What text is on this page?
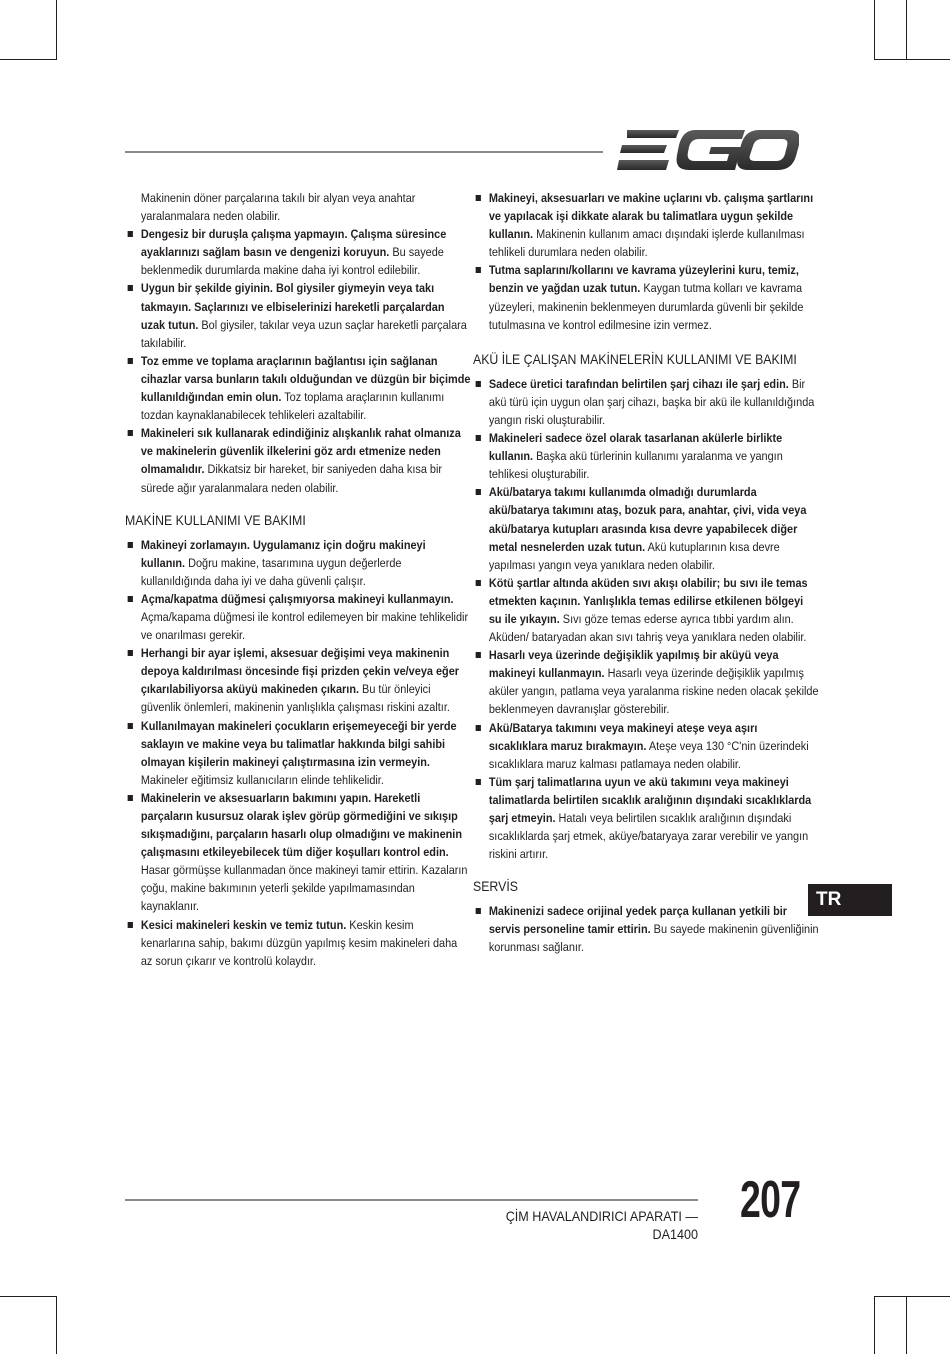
Makinenin döner parçalarına takılı bir alyan veya anahtar yaralanmalara neden olabilir.

Dengesiz bir duruşla çalışma yapmayın. Çalışma süresince ayaklarınızı sağlam basın ve dengenizi koruyun. Bu sayede beklenmedik durumlarda makine daha iyi kontrol edilebilir.

Uygun bir şekilde giyinin. Bol giysiler giymeyin veya takı takmayın. Saçlarınızı ve elbiselerinizi hareketli parçalardan uzak tutun. Bol giysiler, takılar veya uzun saçlar hareketli parçalara takılabilir.

Toz emme ve toplama araçlarının bağlantısı için sağlanan cihazlar varsa bunların takılı olduğundan ve düzgün bir biçimde kullanıldığından emin olun. Toz toplama araçlarının kullanımı tozdan kaynaklanabilecek tehlikeleri azaltabilir.

Makineleri sık kullanarak edindiğiniz alışkanlık rahat olmanıza ve makinelerin güvenlik ilkelerini göz ardı etmenize neden olmamalıdır. Dikkatsiz bir hareket, bir saniyeden daha kısa bir sürede ağır yaralanmalara neden olabilir.

MAKİNE KULLANIMI VE BAKIMI

Makineyi zorlamayın. Uygulamanız için doğru makineyi kullanın. Doğru makine, tasarımına uygun değerlerde kullanıldığında daha iyi ve daha güvenli çalışır.

Açma/kapatma düğmesi çalışmıyorsa makineyi kullanmayın. Açma/kapama düğmesi ile kontrol edilemeyen bir makine tehlikelidir ve onarılması gerekir.

Herhangi bir ayar işlemi, aksesuar değişimi veya makinenin depoya kaldırılması öncesinde fişi prizden çekin ve/veya eğer çıkarılabiliyorsa aküyü makineden çıkarın. Bu tür önleyici güvenlik önlemleri, makinenin yanlışlıkla çalışması riskini azaltır.

Kullanılmayan makineleri çocukların erişemeyeceği bir yerde saklayın ve makine veya bu talimatlar hakkında bilgi sahibi olmayan kişilerin makineyi çalıştırmasına izin vermeyin. Makineler eğitimsiz kullanıcıların elinde tehlikelidir.

Makinelerin ve aksesuarların bakımını yapın. Hareketli parçaların kusursuz olarak işlev görüp görmediğini ve sıkışıp sıkışmadığını, parçaların hasarlı olup olmadığını ve makinenin çalışmasını etkileyebilecek tüm diğer koşulları kontrol edin. Hasar görmüşse kullanmadan önce makineyi tamir ettirin. Kazaların çoğu, makine bakımının yeterli şekilde yapılmamasından kaynaklanır.

Kesici makineleri keskin ve temiz tutun. Keskin kesim kenarlarına sahip, bakımı düzgün yapılmış kesim makineleri daha az sorun çıkarır ve kontrolü kolaydır.

Makineyi, aksesuarları ve makine uçlarını vb. çalışma şartlarını ve yapılacak işi dikkate alarak bu talimatlara uygun şekilde kullanın. Makinenin kullanım amacı dışındaki işlerde kullanılması tehlikeli durumlara neden olabilir.

Tutma saplarını/kollarını ve kavrama yüzeylerini kuru, temiz, benzin ve yağdan uzak tutun. Kaygan tutma kolları ve kavrama yüzeyleri, makinenin beklenmeyen durumlarda güvenli bir şekilde tutulmasına ve kontrol edilmesine izin vermez.

AKÜ İLE ÇALIŞAN MAKİNELERİN KULLANIMI VE BAKIMI

Sadece üretici tarafından belirtilen şarj cihazı ile şarj edin. Bir akü türü için uygun olan şarj cihazı, başka bir akü ile kullanıldığında yangın riski oluşturabilir.

Makineleri sadece özel olarak tasarlanan akülerle birlikte kullanın. Başka akü türlerinin kullanımı yaralanma ve yangın tehlikesi oluşturabilir.

Akü/batarya takımı kullanımda olmadığı durumlarda akü/batarya takımını ataş, bozuk para, anahtar, çivi, vida veya akü/batarya kutupları arasında kısa devre yapabilecek diğer metal nesnelerden uzak tutun. Akü kutuplarının kısa devre yapılması yangın veya yanıklara neden olabilir.

Kötü şartlar altında aküden sıvı akışı olabilir; bu sıvı ile temas etmekten kaçının. Yanlışlıkla temas edilirse etkilenen bölgeyi su ile yıkayın. Sıvı göze temas ederse ayrıca tıbbi yardım alın. Aküden/ bataryadan akan sıvı tahriş veya yanıklara neden olabilir.

Hasarlı veya üzerinde değişiklik yapılmış bir aküyü veya makineyi kullanmayın. Hasarlı veya üzerinde değişiklik yapılmış aküler yangın, patlama veya yaralanma riskine neden olacak şekilde beklenmeyen davranışlar gösterebilir.

Akü/Batarya takımını veya makineyi ateşe veya aşırı sıcaklıklara maruz bırakmayın. Ateşe veya 130 °C'nin üzerindeki sıcaklıklara maruz kalması patlamaya neden olabilir.

Tüm şarj talimatlarına uyun ve akü takımını veya makineyi talimatlarda belirtilen sıcaklık aralığının dışındaki sıcaklıklarda şarj etmeyin. Hatalı veya belirtilen sıcaklık aralığının dışındaki sıcaklıklarda şarj etmek, aküye/bataryaya zarar verebilir ve yangın riskini artırır.

SERVİS

Makinenizi sadece orijinal yedek parça kullanan yetkili bir servis personeline tamir ettirin. Bu sayede makinenin güvenliğinin korunması sağlanır.

TR
ÇİM HAVALANDIRICI APARATI — DA1400
207
